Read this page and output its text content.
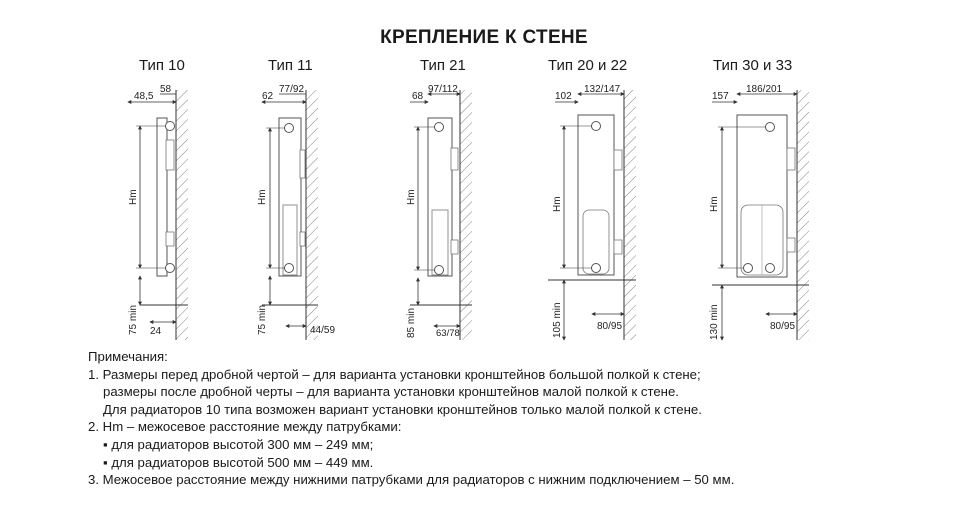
КРЕПЛЕНИЕ К СТЕНЕ
Тип 10	Тип 11	Тип 21	Тип 20 и 22	Тип 30 и 33
48,5
58
Hm
75 min 24
62
77/92
Hm
75 min	44/59
68
97/112
Hm
85 min 63/78
102
132/147
Hm
105 min	80/95
157
186/201
Hm
130 min	80/95
Примечания:
1. Размеры перед дробной чертой – для варианта установки кронштейнов большой полкой к стене;
размеры после дробной черты – для варианта установки кронштейнов малой полкой к стене.
Для радиаторов 10 типа возможен вариант установки кронштейнов только малой полкой к стене.
2. Hm – межосевое расстояние между патрубками:
▪ для радиаторов высотой 300 мм – 249 мм;
▪ для радиаторов высотой 500 мм – 449 мм.
3. Межосевое расстояние между нижними патрубками для радиаторов с нижним подключением – 50 мм.
